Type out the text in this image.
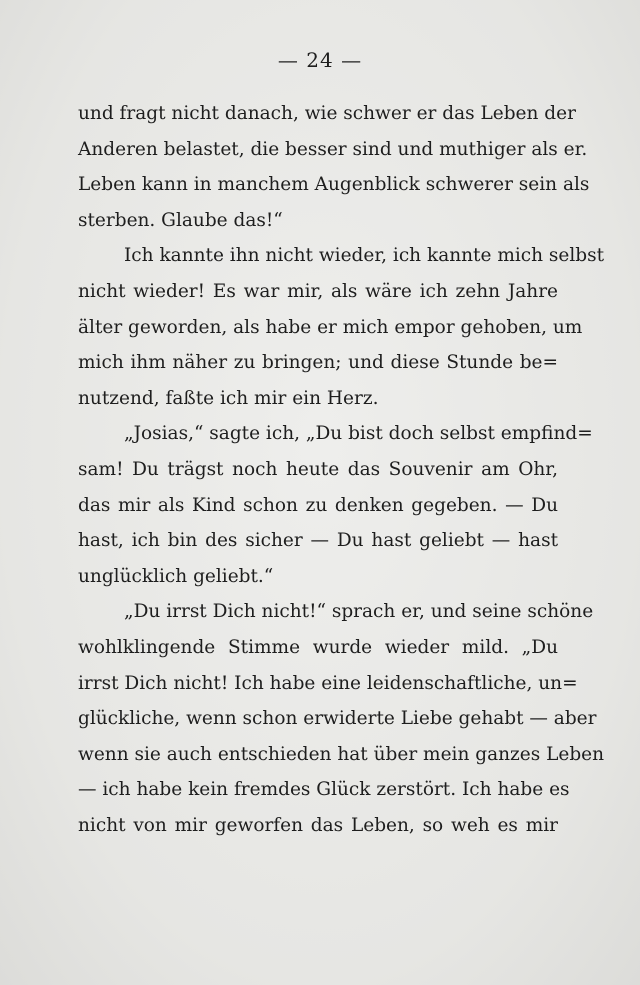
— 24 —
und fragt nicht danach, wie schwer er das Leben der
Anderen belastet, die besser sind und muthiger als er.
Leben kann in manchem Augenblick schwerer sein als
sterben. Glaube das!“
Ich kannte ihn nicht wieder, ich kannte mich selbst
nicht wieder! Es war mir, als wäre ich zehn Jahre
älter geworden, als habe er mich empor gehoben, um
mich ihm näher zu bringen; und diese Stunde be=
nutzend, faßte ich mir ein Herz.
„Josias,“ sagte ich, „Du bist doch selbst empfind=
sam! Du trägst noch heute das Souvenir am Ohr,
das mir als Kind schon zu denken gegeben. — Du
hast, ich bin des sicher — Du hast geliebt — hast
unglücklich geliebt.“
„Du irrst Dich nicht!“ sprach er, und seine schöne
wohlklingende Stimme wurde wieder mild. „Du
irrst Dich nicht! Ich habe eine leidenschaftliche, un=
glückliche, wenn schon erwiderte Liebe gehabt — aber
wenn sie auch entschieden hat über mein ganzes Leben
— ich habe kein fremdes Glück zerstört. Ich habe es
nicht von mir geworfen das Leben, so weh es mir
